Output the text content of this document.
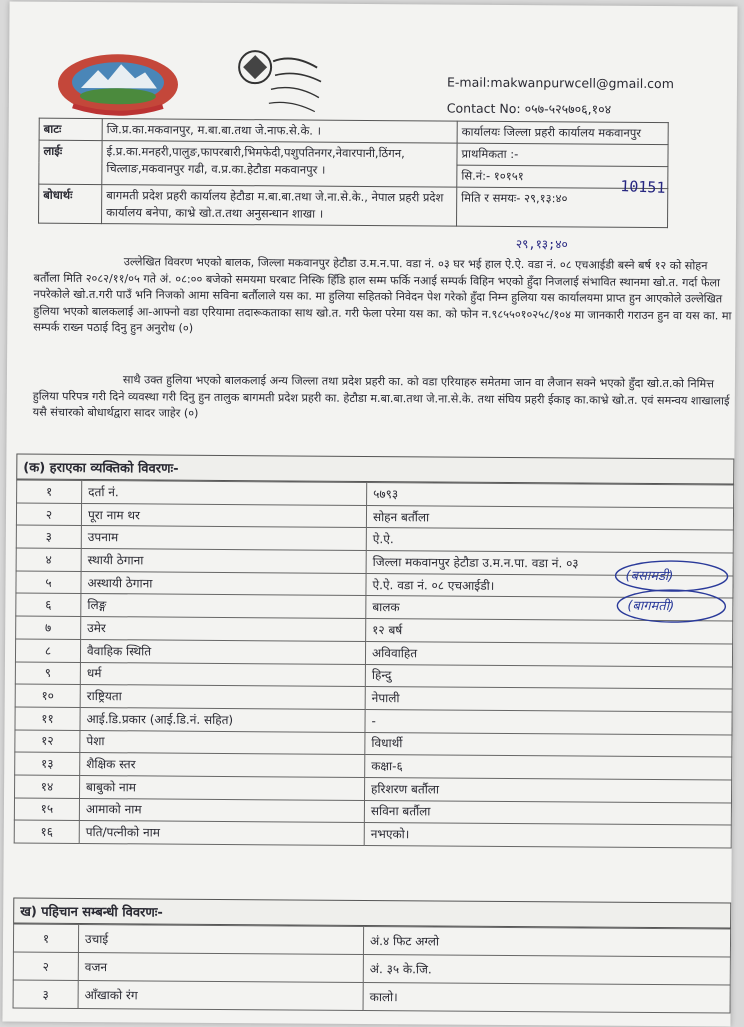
E-mail:makwanpurwcell@gmail.com
Contact No: ०५७-५२५७०६,१०४
बाटः	जि.प्र.का.मकवानपुर, म.बा.बा.तथा जे.नाफ.से.के. ।	कार्यालयः जिल्ला प्रहरी कार्यालय मकवानपुर
लाईः	ई.प्र.का.मनहरी,पालुङ,फापरबारी,भिमफेदी,पशुपतिनगर,नेवारपानी,ठिंगन, चित्लाङ,मकवानपुर गढी, व.प्र.का.हेटौडा मकवानपुर ।	प्राथमिकता :-
		सि.नं:- १०१५१
बोधार्थः	बागमती प्रदेश प्रहरी कार्यालय हेटौडा म.बा.बा.तथा जे.ना.से.के., नेपाल प्रहरी प्रदेश कार्यालय बनेपा, काभ्रे खो.त.तथा अनुसन्धान शाखा ।	मिति र समयः- २९,१३:४०
10151
२९,१३;४०

उल्लेखित विवरण भएको बालक, जिल्ला मकवानपुर हेटौडा उ.म.न.पा. वडा नं. ०३ घर भई हाल ऐ.ऐ. वडा नं. ०८ एचआईडी बस्ने बर्ष १२ को सोहन बर्तौला मिति २०८२/११/०५ गते अं. ०८:०० बजेको समयमा घरबाट निस्कि हिँडि हाल सम्म फर्कि नआई सम्पर्क विहिन भएको हुँदा निजलाई संभावित स्थानमा खो.त. गर्दा फेला नपरेकोले खो.त.गरी पाउँ भनि निजको आमा सविना बर्तौलाले यस का. मा हुलिया सहितको निवेदन पेश गरेको हुँदा निम्न हुलिया यस कार्यालयमा प्राप्त हुन आएकोले उल्लेखित हुलिया भएको बालकलाई आ-आफ्नो वडा एरियामा तदारूकताका साथ खो.त. गरी फेला परेमा यस का. को फोन न.९८५५०१०२५८/१०४ मा जानकारी गराउन हुन वा यस का. मा सम्पर्क राख्न पठाई दिनु हुन अनुरोध (०)

साथै उक्त हुलिया भएको बालकलाई अन्य जिल्ला तथा प्रदेश प्रहरी का. को वडा एरियाहरु समेतमा जान वा लैजान सक्ने भएको हुँदा खो.त.को निमित्त हुलिया परिपत्र गरी दिने व्यवस्था गरी दिनु हुन तालुक बागमती प्रदेश प्रहरी का. हेटौडा म.बा.बा.तथा जे.ना.से.के. तथा संघिय प्रहरी ईकाइ का.काभ्रे खो.त. एवं समन्वय शाखालाई यसै संचारको बोधार्थद्वारा सादर जाहेर (०)

(क) हराएका व्यक्तिको विवरणः-
१	दर्ता नं.	५७९३
२	पूरा नाम थर	सोहन बर्तौला
३	उपनाम	ऐ.ऐ.
४	स्थायी ठेगाना	जिल्ला मकवानपुर हेटौडा उ.म.न.पा. वडा नं. ०३
५	अस्थायी ठेगाना	ऐ.ऐ. वडा नं. ०८ एचआईडी।
६	लिङ्ग	बालक
७	उमेर	१२ बर्ष
८	वैवाहिक स्थिति	अविवाहित
९	धर्म	हिन्दु
१०	राष्ट्रियता	नेपाली
११	आई.डि.प्रकार (आई.डि.नं. सहित)	-
१२	पेशा	विधार्थी
१३	शैक्षिक स्तर	कक्षा-६
१४	बाबुको नाम	हरिशरण बर्तौला
१५	आमाको नाम	सविना बर्तौला
१६	पति/पत्नीको नाम	नभएको।
(बसामडी)
(बागमती)
ख) पहिचान सम्बन्धी विवरणः-
१	उचाई	अं.४ फिट अग्लो
२	वजन	अं. ३५ के.जि.
३	आँखाको रंग	कालो।
